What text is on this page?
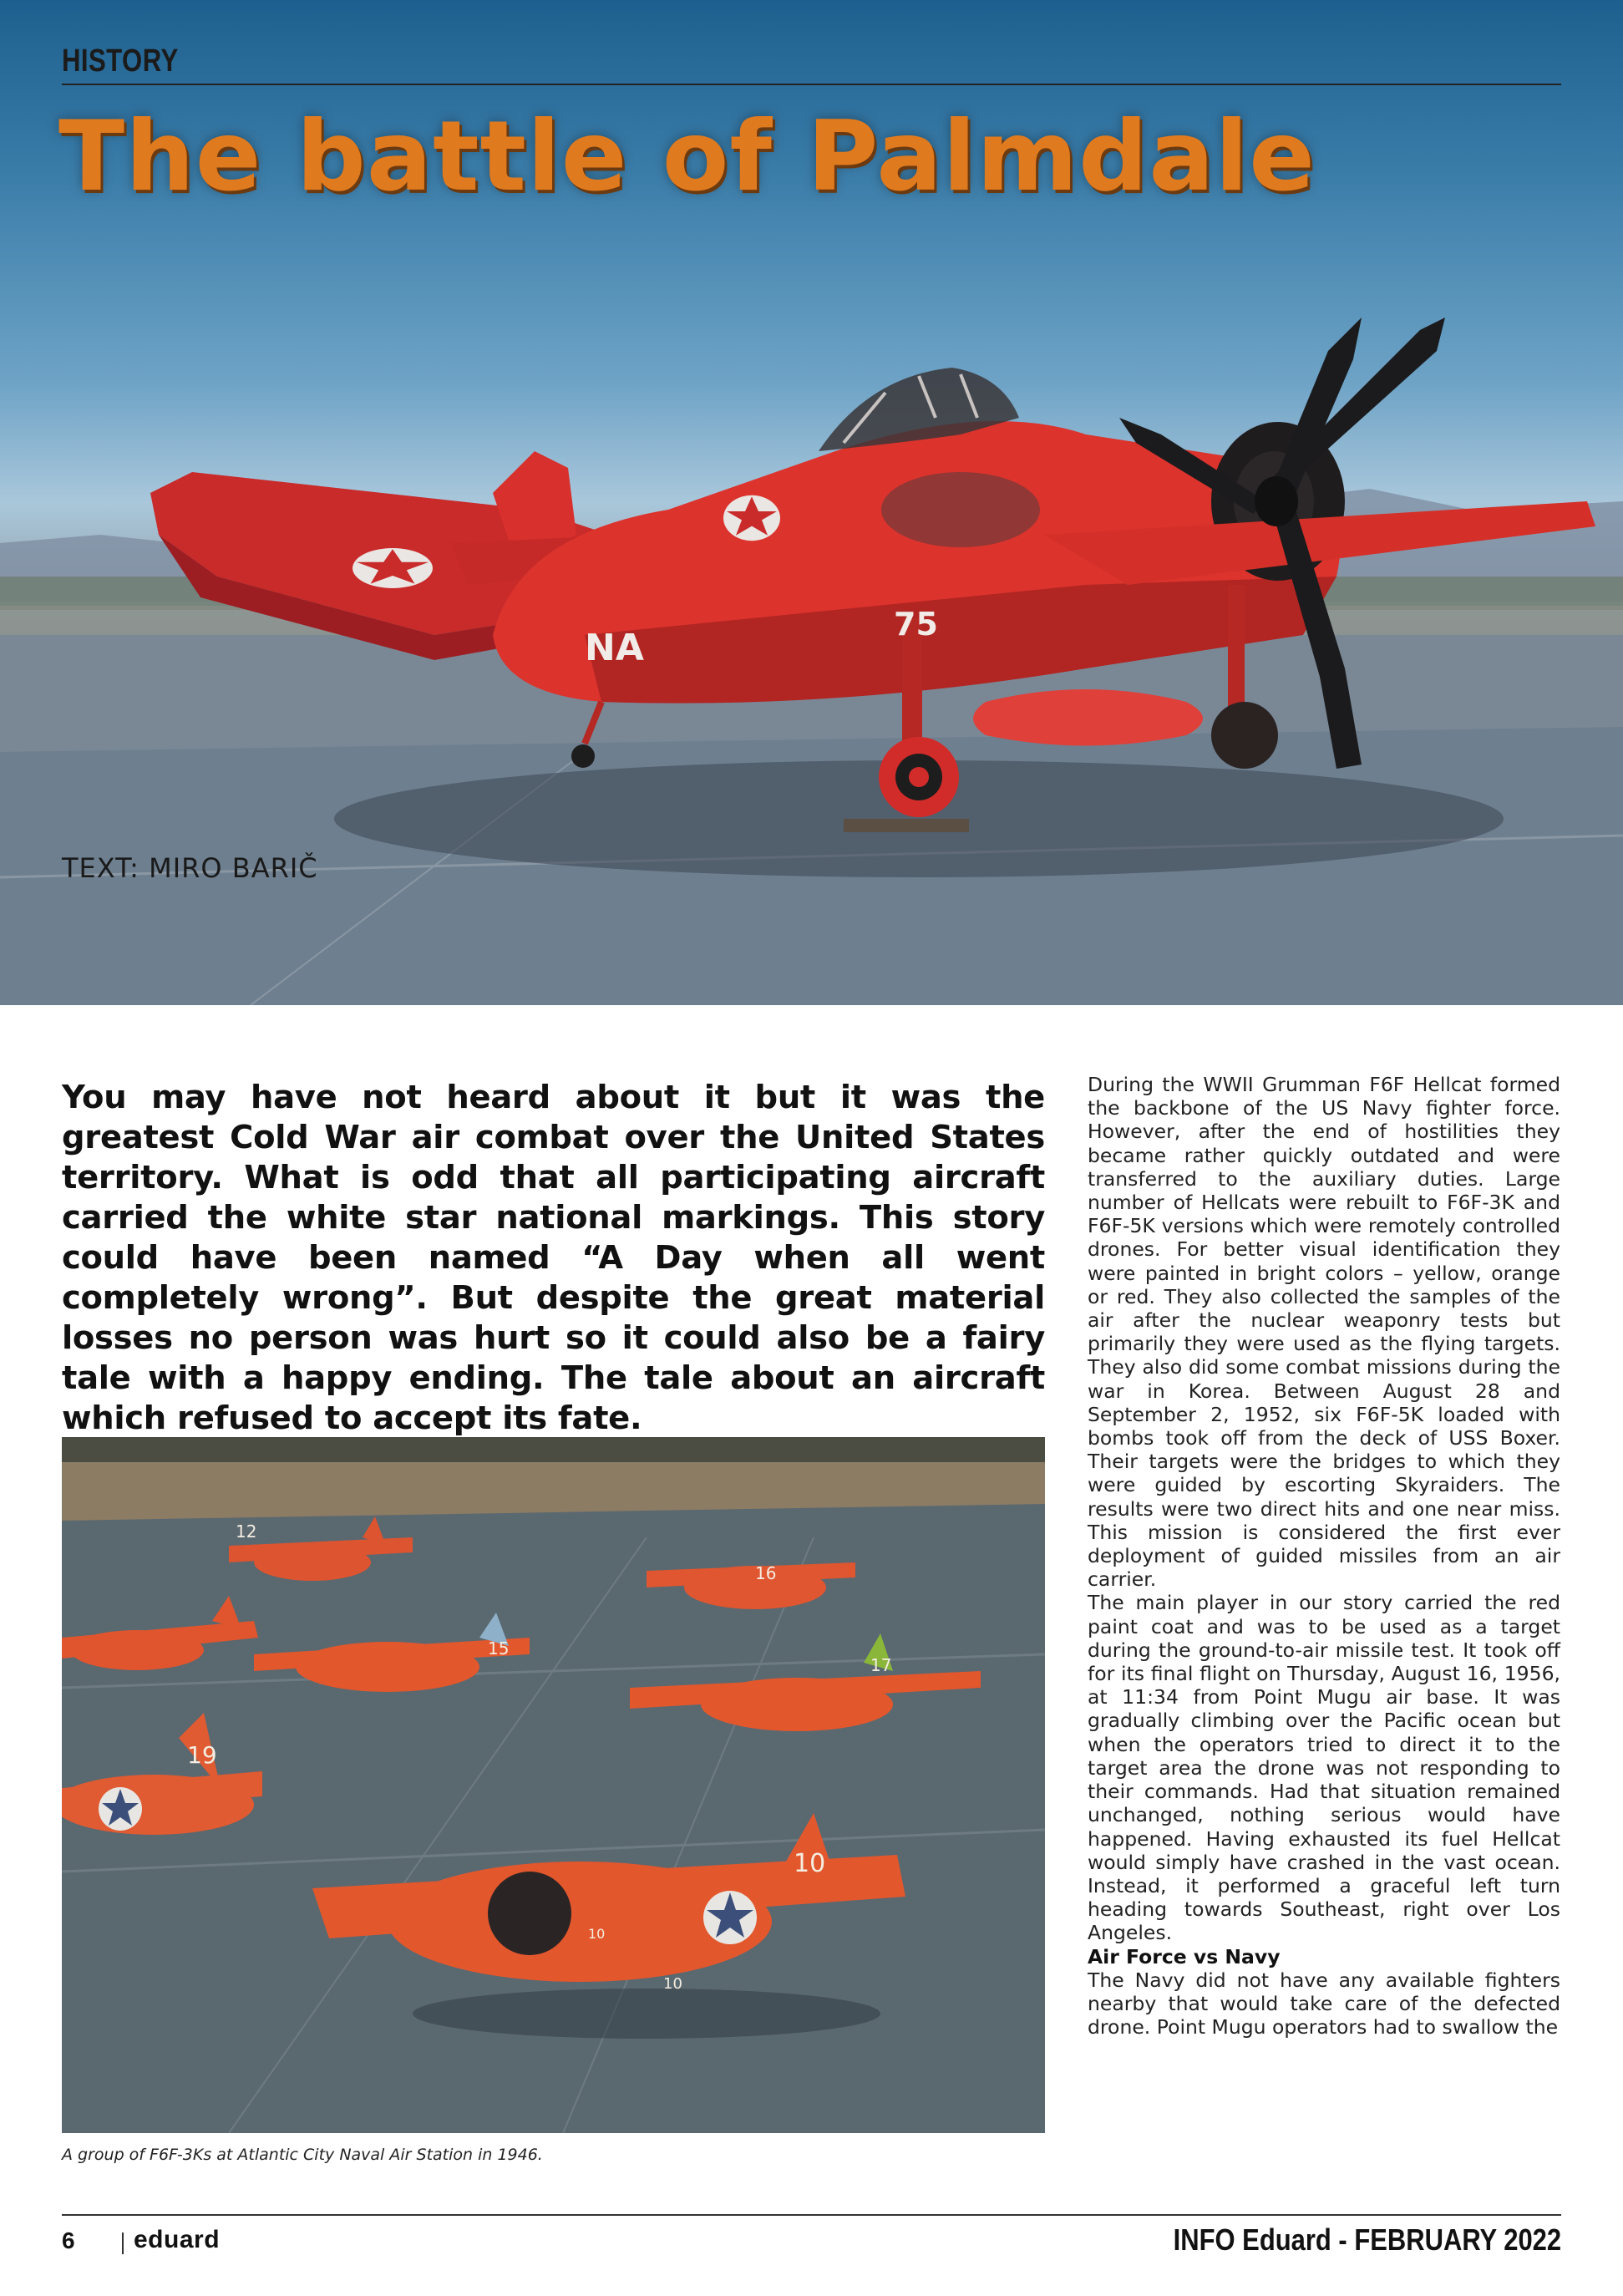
75
NA

HISTORY

The battle of Palmdale

TEXT: MIRO BARIČ

You may have not heard about it but it was the greatest Cold War air combat over the United States territory. What is odd that all participating aircraft carried the white star national markings. This story could have been named “A Day when all went completely wrong”. But despite the great material losses no person was hurt so it could also be a fairy tale with a happy ending. The tale about an aircraft which refused to accept its fate.

12
15
16
17
19
10
10
10

A group of F6F-3Ks at Atlantic City Naval Air Station in 1946.

During the WWII Grumman F6F Hellcat formed the backbone of the US Navy fighter force. However, after the end of hostilities they became rather quickly outdated and were transferred to the auxiliary duties. Large number of Hellcats were rebuilt to F6F-3K and F6F-5K versions which were remotely controlled drones. For better visual identification they were painted in bright colors – yellow, orange or red. They also collected the samples of the air after the nuclear weaponry tests but primarily they were used as the flying targets. They also did some combat missions during the war in Korea. Between August 28 and September 2, 1952, six F6F-5K loaded with bombs took off from the deck of USS Boxer. Their targets were the bridges to which they were guided by escorting Skyraiders. The results were two direct hits and one near miss. This mission is considered the first ever deployment of guided missiles from an air carrier.

The main player in our story carried the red paint coat and was to be used as a target during the ground-to-air missile test. It took off for its final flight on Thursday, August 16, 1956, at 11:34 from Point Mugu air base. It was gradually climbing over the Pacific ocean but when the operators tried to direct it to the target area the drone was not responding to their commands. Had that situation remained unchanged, nothing serious would have happened. Having exhausted its fuel Hellcat would simply have crashed in the vast ocean. Instead, it performed a graceful left turn heading towards Southeast, right over Los Angeles.

Air Force vs Navy

The Navy did not have any available fighters nearby that would take care of the defected drone. Point Mugu operators had to swallow the

6 eduard	INFO Eduard - FEBRUARY 2022
